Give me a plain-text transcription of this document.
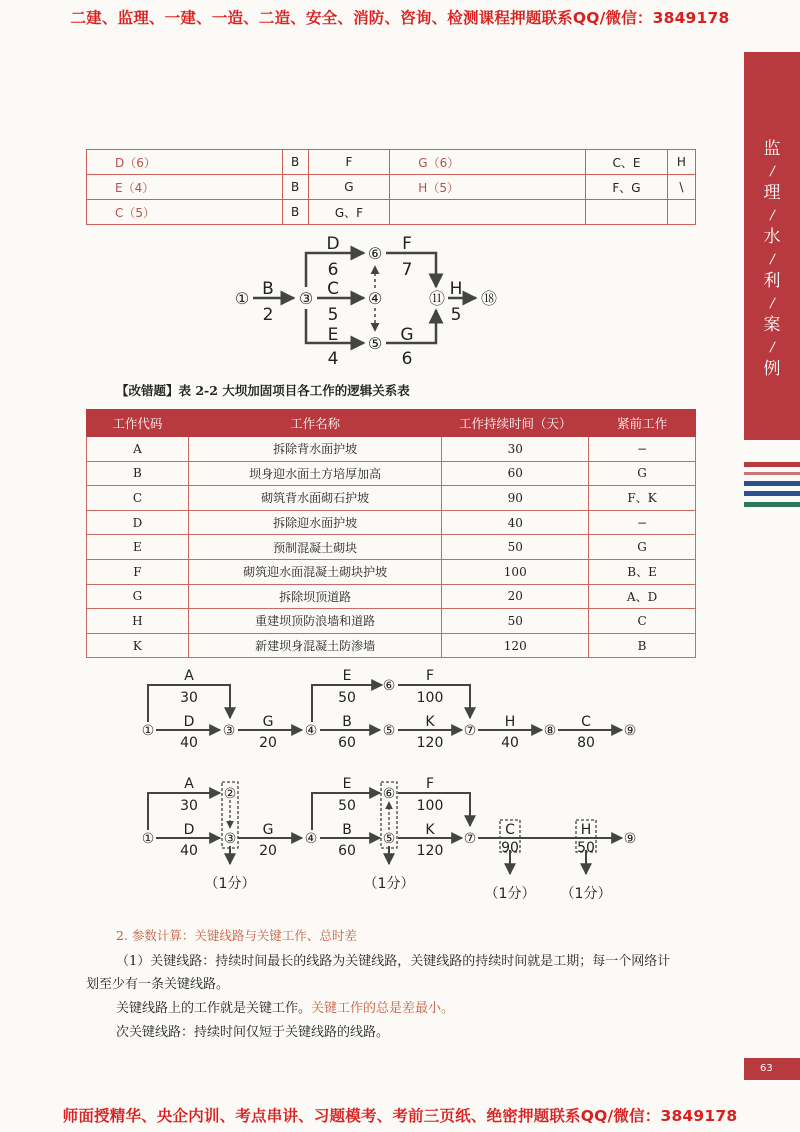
二建、监理、一建、一造、二造、安全、消防、咨询、检测课程押题联系QQ/微信：3849178
监
理
水
利
案
例
D（6）	B	F	G（6）	C、E	H
E（4）	B	G	H（5）	F、G	\
C（5）	B	G、F			
①	③	④
⑤
⑥
⑪ ⑱
B
2
D
6
C
5
E
4
F
7
G
6
H
5
【改错题】表 2-2 大坝加固项目各工作的逻辑关系表
工作代码	工作名称	工作持续时间（天）	紧前工作
A	拆除背水面护坡	30	−
B	坝身迎水面土方培厚加高	60	G
C	砌筑背水面砌石护坡	90	F、K
D	拆除迎水面护坡	40	−
E	预制混凝土砌块	50	G
F	砌筑迎水面混凝土砌块护坡	100	B、E
G	拆除坝顶道路	20	A、D
H	重建坝顶防浪墙和道路	50	C
K	新建坝身混凝土防渗墙	120	B
①	③	④	⑤
⑥
⑦	⑧	⑨
A
30
D
40
G
20
E
50
F
100
B
60
K
120
H
40
C
80
①
②
③	④	⑤
⑥
⑦	⑨
A
30
D
40
G
20
E
50
F
100
B
60
K
120
C
90
H
50
（1分）	（1分）
（1分） （1分）
2. 参数计算：关键线路与关键工作、总时差
（1）关键线路：持续时间最长的线路为关键线路，关键线路的持续时间就是工期；每一个网络计
划至少有一条关键线路。
关键线路上的工作就是关键工作。关键工作的总是差最小。
次关键线路：持续时间仅短于关键线路的线路。
63
师面授精华、央企内训、考点串讲、习题模考、考前三页纸、绝密押题联系QQ/微信：3849178
